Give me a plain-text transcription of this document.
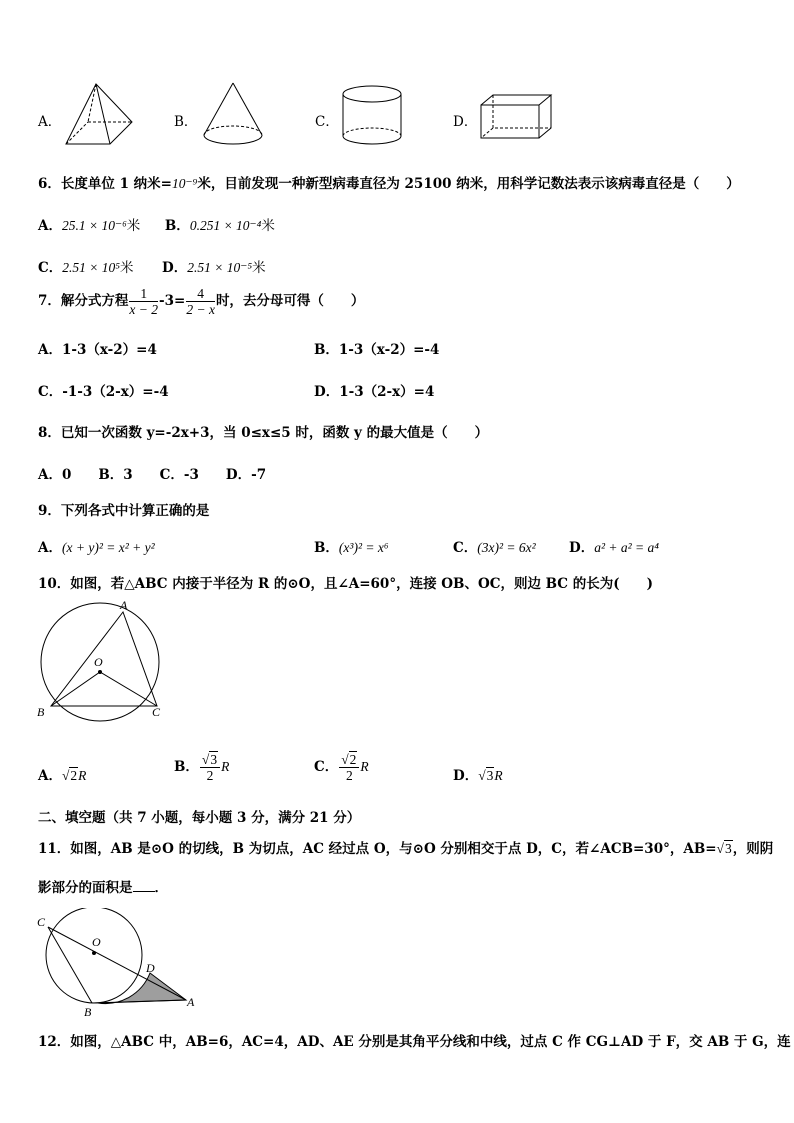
A．	B．	C．	D．
6．长度单位 1 纳米=10⁻⁹米，目前发现一种新型病毒直径为 25100 纳米，用科学记数法表示该病毒直径是（　　）
A．25.1 × 10⁻⁶米 B．0.251 × 10⁻⁴米
C．2.51 × 10⁵米 D．2.51 × 10⁻⁵米
7．解分式方程 $\frac{1}{x - 2} -3= \frac{4}{2 - x}$ 时，去分母可得（　　）
A．1-3（x-2）=4	B．1-3（x-2）=-4
C．-1-3（2-x）=-4	D．1-3（2-x）=4
8．已知一次函数 y=-2x+3，当 0≤x≤5 时，函数 y 的最大值是（　　）
A．0　　B．3　　C．-3　　D．-7
9．下列各式中计算正确的是
A．(x + y)² = x² + y²	B．(x³)² = x⁶	C．(3x)² = 6x² D．a² + a² = a⁴
10．如图，若△ABC 内接于半径为 R 的⊙O，且∠A=60°，连接 OB、OC，则边 BC 的长为(　　)
A
O
B	C
A．√2R
B． $\frac{√3}{2}$ R	C． $\frac{√2}{2}$ R
D．√3R
二、填空题（共 7 小题，每小题 3 分，满分 21 分）
11．如图，AB 是⊙O 的切线，B 为切点，AC 经过点 O，与⊙O 分别相交于点 D，C，若∠ACB=30°，AB=√3，则阴
影部分的面积是 ．
C
O
D
B
A
12．如图，△ABC 中，AB=6，AC=4，AD、AE 分别是其角平分线和中线，过点 C 作 CG⊥AD 于 F，交 AB 于 G，连
